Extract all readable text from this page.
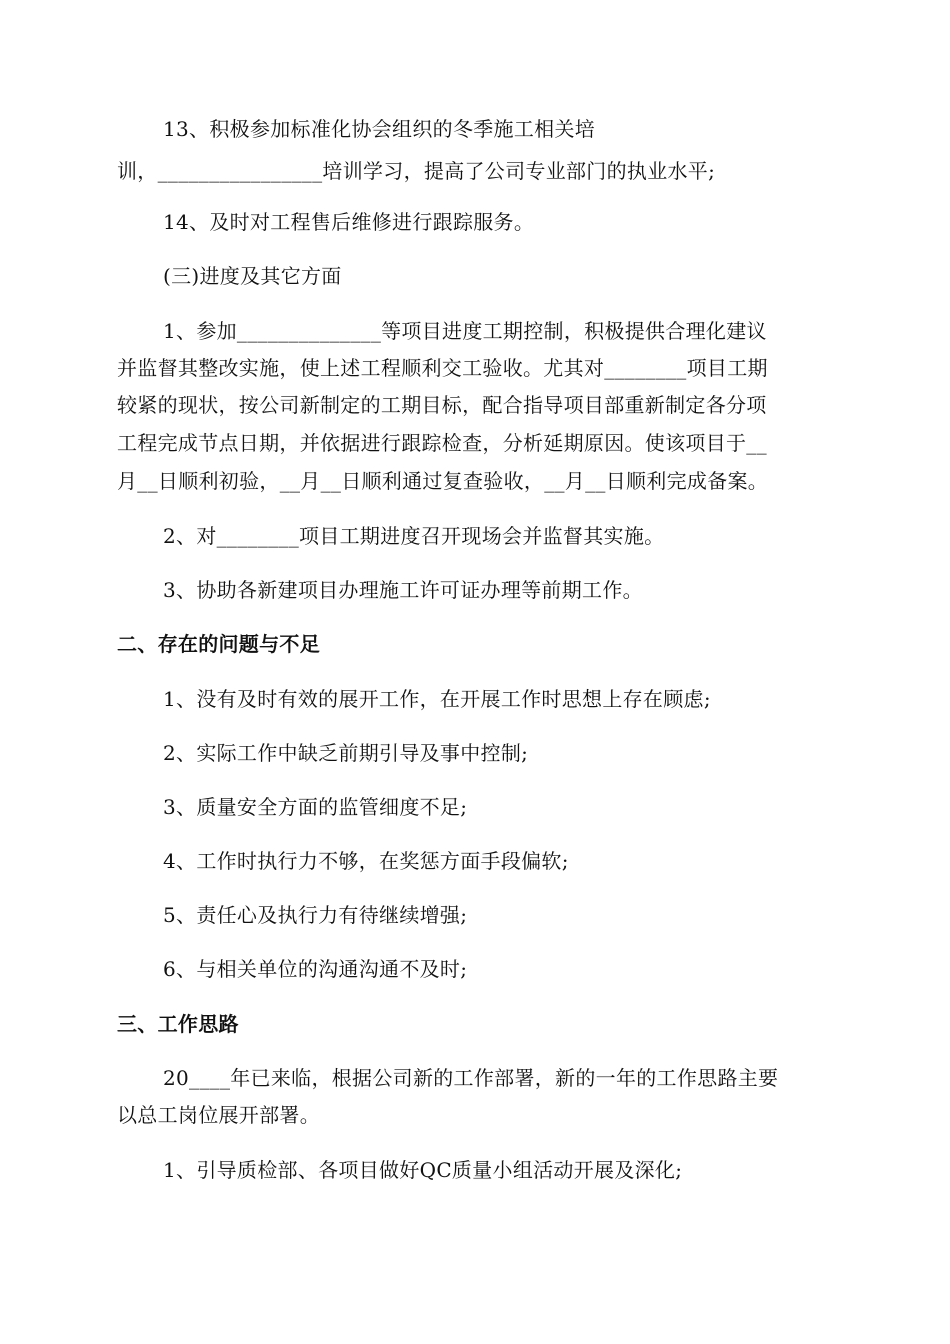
13、积极参加标准化协会组织的冬季施工相关培
训，________________培训学习，提高了公司专业部门的执业水平;
14、及时对工程售后维修进行跟踪服务。
(三)进度及其它方面
1、参加______________等项目进度工期控制，积极提供合理化建议
并监督其整改实施，使上述工程顺利交工验收。尤其对________项目工期
较紧的现状，按公司新制定的工期目标，配合指导项目部重新制定各分项
工程完成节点日期，并依据进行跟踪检查，分析延期原因。使该项目于__
月__日顺利初验，__月__日顺利通过复查验收，__月__日顺利完成备案。
2、对________项目工期进度召开现场会并监督其实施。
3、协助各新建项目办理施工许可证办理等前期工作。
二、存在的问题与不足
1、没有及时有效的展开工作，在开展工作时思想上存在顾虑;
2、实际工作中缺乏前期引导及事中控制;
3、质量安全方面的监管细度不足;
4、工作时执行力不够，在奖惩方面手段偏软;
5、责任心及执行力有待继续增强;
6、与相关单位的沟通沟通不及时;
三、工作思路
20____年已来临，根据公司新的工作部署，新的一年的工作思路主要
以总工岗位展开部署。
1、引导质检部、各项目做好QC质量小组活动开展及深化;
